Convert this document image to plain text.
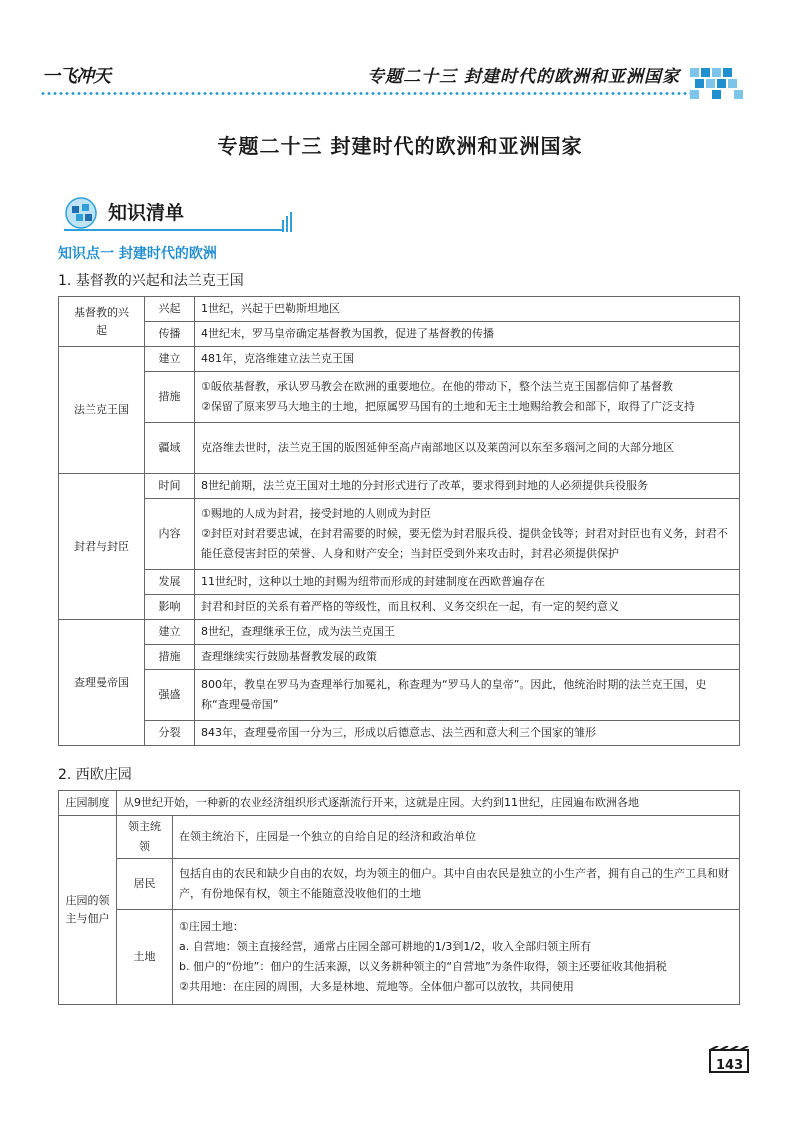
一飞冲天	专题二十三 封建时代的欧洲和亚洲国家
专题二十三 封建时代的欧洲和亚洲国家
知识清单
知识点一 封建时代的欧洲
1. 基督教的兴起和法兰克王国
基督教的兴起	兴起	1世纪，兴起于巴勒斯坦地区
	传播	4世纪末，罗马皇帝确定基督教为国教，促进了基督教的传播
法兰克王国	建立	481年，克洛维建立法兰克王国
	措施	①皈依基督教，承认罗马教会在欧洲的重要地位。在他的带动下，整个法兰克王国都信仰了基督教
②保留了原来罗马大地主的土地，把原属罗马国有的土地和无主土地赐给教会和部下，取得了广泛支持

	疆域	克洛维去世时，法兰克王国的版图延伸至高卢南部地区以及莱茵河以东至多瑙河之间的大部分地区
封君与封臣	时间	8世纪前期，法兰克王国对土地的分封形式进行了改革，要求得到封地的人必须提供兵役服务
	内容	①赐地的人成为封君，接受封地的人则成为封臣
②封臣对封君要忠诚，在封君需要的时候，要无偿为封君服兵役、提供金钱等；封君对封臣也有义务，封君不能任意侵害封臣的荣誉、人身和财产安全；当封臣受到外来攻击时，封君必须提供保护

	发展	11世纪时，这种以土地的封赐为纽带而形成的封建制度在西欧普遍存在
	影响	封君和封臣的关系有着严格的等级性，而且权利、义务交织在一起，有一定的契约意义
查理曼帝国	建立	8世纪，查理继承王位，成为法兰克国王
	措施	查理继续实行鼓励基督教发展的政策
	强盛	800年，教皇在罗马为查理举行加冕礼，称查理为“罗马人的皇帝”。因此，他统治时期的法兰克王国，史称“查理曼帝国”
	分裂	843年，查理曼帝国一分为三，形成以后德意志、法兰西和意大利三个国家的雏形
2. 西欧庄园
庄园制度	从9世纪开始，一种新的农业经济组织形式逐渐流行开来，这就是庄园。大约到11世纪，庄园遍布欧洲各地	
庄园的领主与佃户	领主统领	在领主统治下，庄园是一个独立的自给自足的经济和政治单位
	居民	包括自由的农民和缺少自由的农奴，均为领主的佃户。其中自由农民是独立的小生产者，拥有自己的生产工具和财产，有份地保有权，领主不能随意没收他们的土地
	土地	①庄园土地：
a. 自营地：领主直接经营，通常占庄园全部可耕地的1/3到1/2，收入全部归领主所有
b. 佃户的“份地”：佃户的生活来源，以义务耕种领主的“自营地”为条件取得，领主还要征收其他捐税
②共用地：在庄园的周围，大多是林地、荒地等。全体佃户都可以放牧，共同使用
143
